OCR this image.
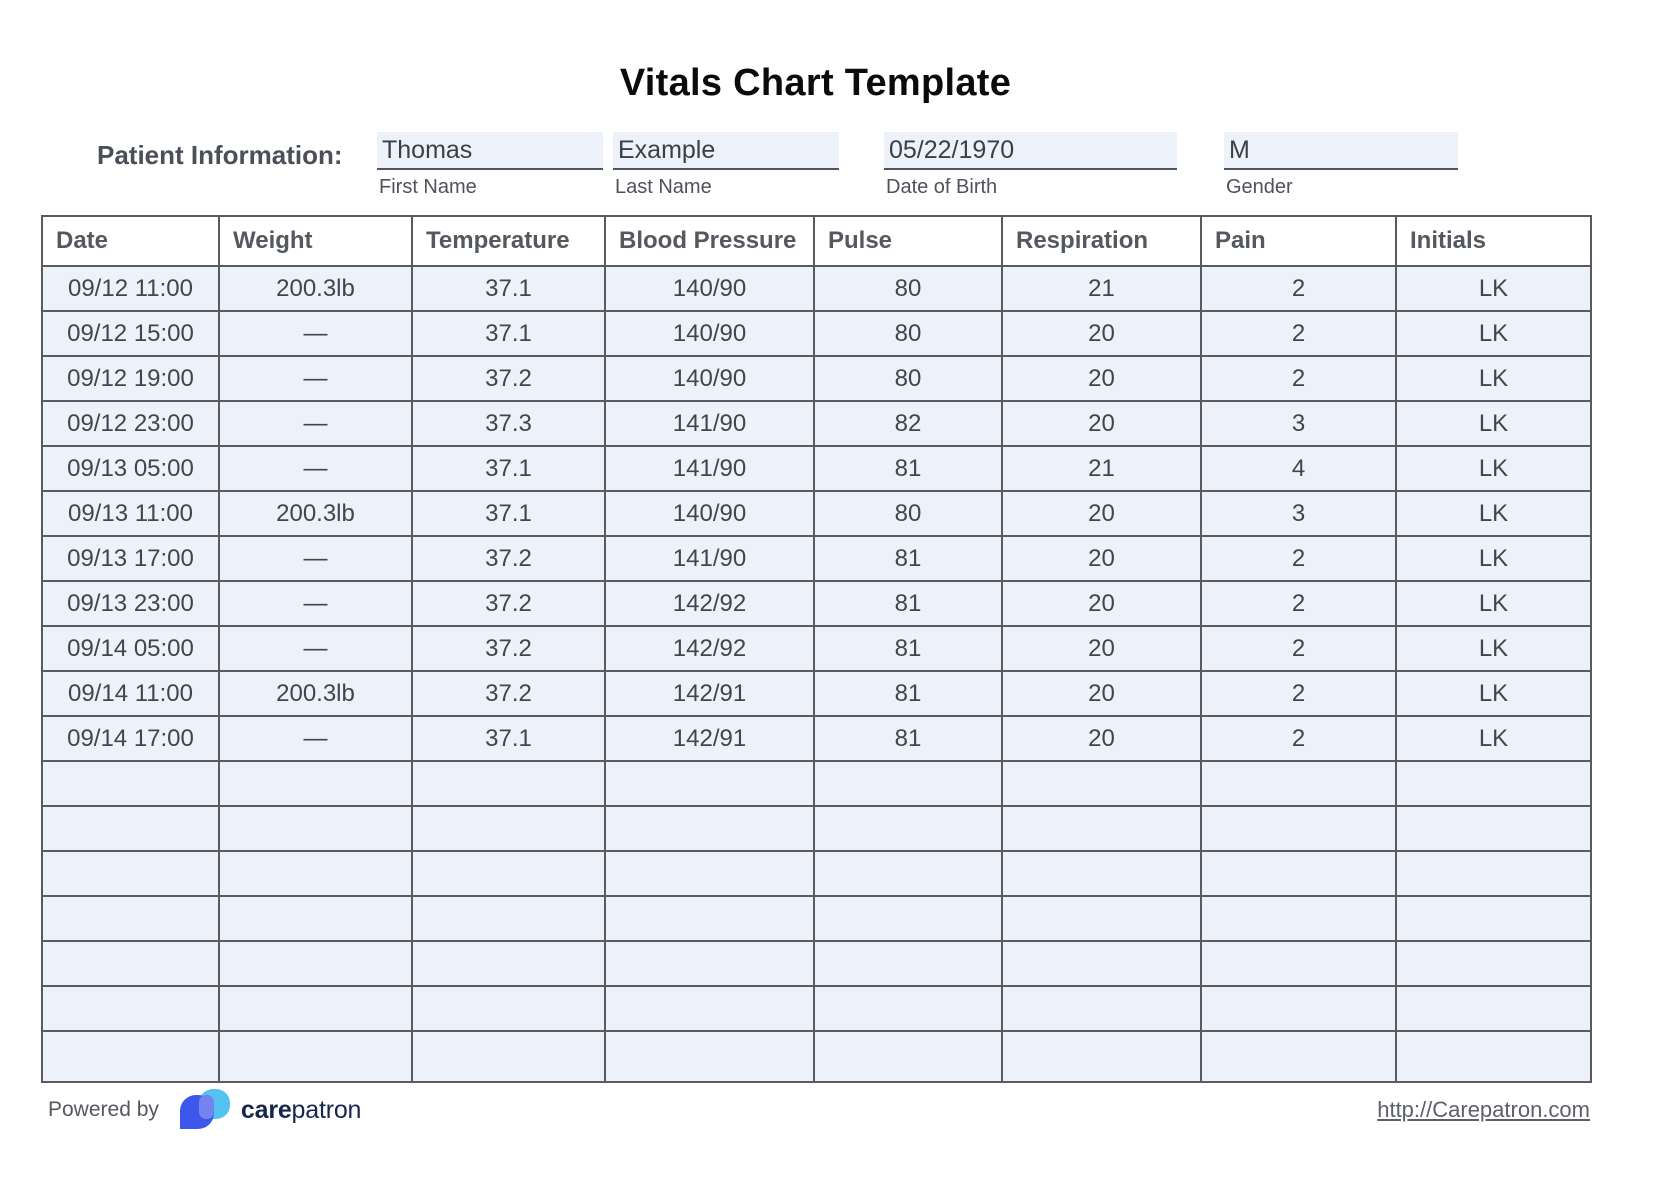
Vitals Chart Template
Patient Information: Thomas
First Name
Example
Last Name
05/22/1970
Date of Birth
M
Gender
Date	Weight	Temperature	Blood Pressure	Pulse	Respiration	Pain	Initials
09/12 11:00	200.3lb	37.1	140/90	80	21	2	LK
09/12 15:00	—	37.1	140/90	80	20	2	LK
09/12 19:00	—	37.2	140/90	80	20	2	LK
09/12 23:00	—	37.3	141/90	82	20	3	LK
09/13 05:00	—	37.1	141/90	81	21	4	LK
09/13 11:00	200.3lb	37.1	140/90	80	20	3	LK
09/13 17:00	—	37.2	141/90	81	20	2	LK
09/13 23:00	—	37.2	142/92	81	20	2	LK
09/14 05:00	—	37.2	142/92	81	20	2	LK
09/14 11:00	200.3lb	37.2	142/91	81	20	2	LK
09/14 17:00	—	37.1	142/91	81	20	2	LK

Powered by	carepatron	http://Carepatron.com
